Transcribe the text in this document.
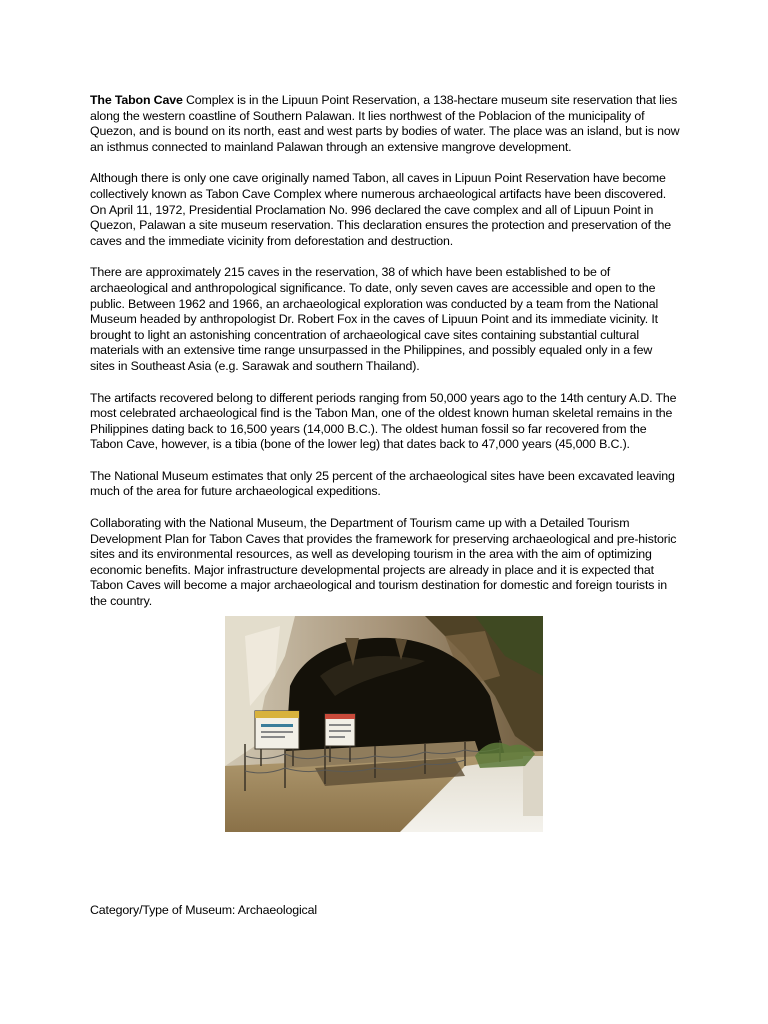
The Tabon Cave Complex is in the Lipuun Point Reservation, a 138-hectare museum site reservation that lies along the western coastline of Southern Palawan. It lies northwest of the Poblacion of the municipality of Quezon, and is bound on its north, east and west parts by bodies of water. The place was an island, but is now an isthmus connected to mainland Palawan through an extensive mangrove development.

Although there is only one cave originally named Tabon, all caves in Lipuun Point Reservation have become collectively known as Tabon Cave Complex where numerous archaeological artifacts have been discovered. On April 11, 1972, Presidential Proclamation No. 996 declared the cave complex and all of Lipuun Point in Quezon, Palawan a site museum reservation. This declaration ensures the protection and preservation of the caves and the immediate vicinity from deforestation and destruction.

There are approximately 215 caves in the reservation, 38 of which have been established to be of archaeological and anthropological significance. To date, only seven caves are accessible and open to the public. Between 1962 and 1966, an archaeological exploration was conducted by a team from the National Museum headed by anthropologist Dr. Robert Fox in the caves of Lipuun Point and its immediate vicinity. It brought to light an astonishing concentration of archaeological cave sites containing substantial cultural materials with an extensive time range unsurpassed in the Philippines, and possibly equaled only in a few sites in Southeast Asia (e.g. Sarawak and southern Thailand).

The artifacts recovered belong to different periods ranging from 50,000 years ago to the 14th century A.D. The most celebrated archaeological find is the Tabon Man, one of the oldest known human skeletal remains in the Philippines dating back to 16,500 years (14,000 B.C.). The oldest human fossil so far recovered from the Tabon Cave, however, is a tibia (bone of the lower leg) that dates back to 47,000 years (45,000 B.C.).

The National Museum estimates that only 25 percent of the archaeological sites have been excavated leaving much of the area for future archaeological expeditions.

Collaborating with the National Museum, the Department of Tourism came up with a Detailed Tourism Development Plan for Tabon Caves that provides the framework for preserving archaeological and pre-historic sites and its environmental resources, as well as developing tourism in the area with the aim of optimizing economic benefits. Major infrastructure developmental projects are already in place and it is expected that Tabon Caves will become a major archaeological and tourism destination for domestic and foreign tourists in the country.

Category/Type of Museum: Archaeological
